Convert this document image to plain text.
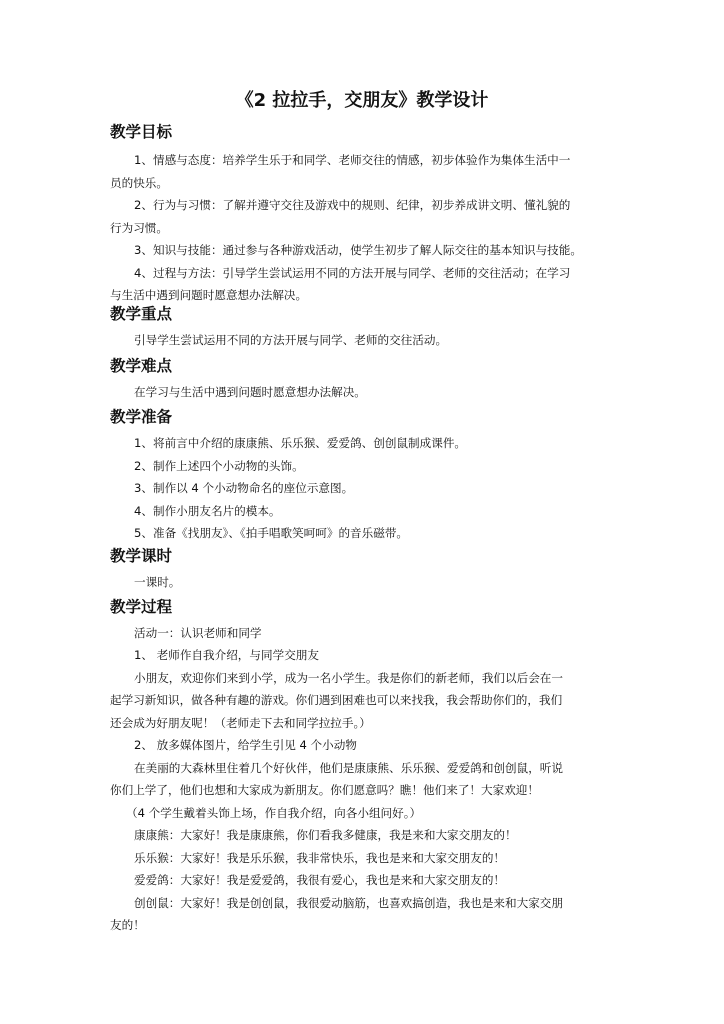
《2 拉拉手，交朋友》教学设计
教学目标
1、情感与态度：培养学生乐于和同学、老师交往的情感，初步体验作为集体生活中一
员的快乐。
2、行为与习惯：了解并遵守交往及游戏中的规则、纪律，初步养成讲文明、懂礼貌的
行为习惯。
3、知识与技能：通过参与各种游戏活动，使学生初步了解人际交往的基本知识与技能。
4、过程与方法：引导学生尝试运用不同的方法开展与同学、老师的交往活动；在学习
与生活中遇到问题时愿意想办法解决。
教学重点
引导学生尝试运用不同的方法开展与同学、老师的交往活动。
教学难点
在学习与生活中遇到问题时愿意想办法解决。
教学准备
1、将前言中介绍的康康熊、乐乐猴、爱爱鸽、创创鼠制成课件。
2、制作上述四个小动物的头饰。
3、制作以 4 个小动物命名的座位示意图。
4、制作小朋友名片的模本。
5、准备《找朋友》、《拍手唱歌笑呵呵》的音乐磁带。
教学课时
一课时。
教学过程
活动一：认识老师和同学
1、 老师作自我介绍，与同学交朋友
小朋友，欢迎你们来到小学，成为一名小学生。我是你们的新老师，我们以后会在一
起学习新知识，做各种有趣的游戏。你们遇到困难也可以来找我，我会帮助你们的，我们
还会成为好朋友呢！（老师走下去和同学拉拉手。）
2、 放多媒体图片，给学生引见 4 个小动物
在美丽的大森林里住着几个好伙伴，他们是康康熊、乐乐猴、爱爱鸽和创创鼠，听说
你们上学了，他们也想和大家成为新朋友。你们愿意吗？瞧！他们来了！大家欢迎！
（4 个学生戴着头饰上场，作自我介绍，向各小组问好。）
康康熊：大家好！我是康康熊，你们看我多健康，我是来和大家交朋友的！
乐乐猴：大家好！我是乐乐猴，我非常快乐，我也是来和大家交朋友的！
爱爱鸽：大家好！我是爱爱鸽，我很有爱心，我也是来和大家交朋友的！
创创鼠：大家好！我是创创鼠，我很爱动脑筋，也喜欢搞创造，我也是来和大家交朋
友的！
